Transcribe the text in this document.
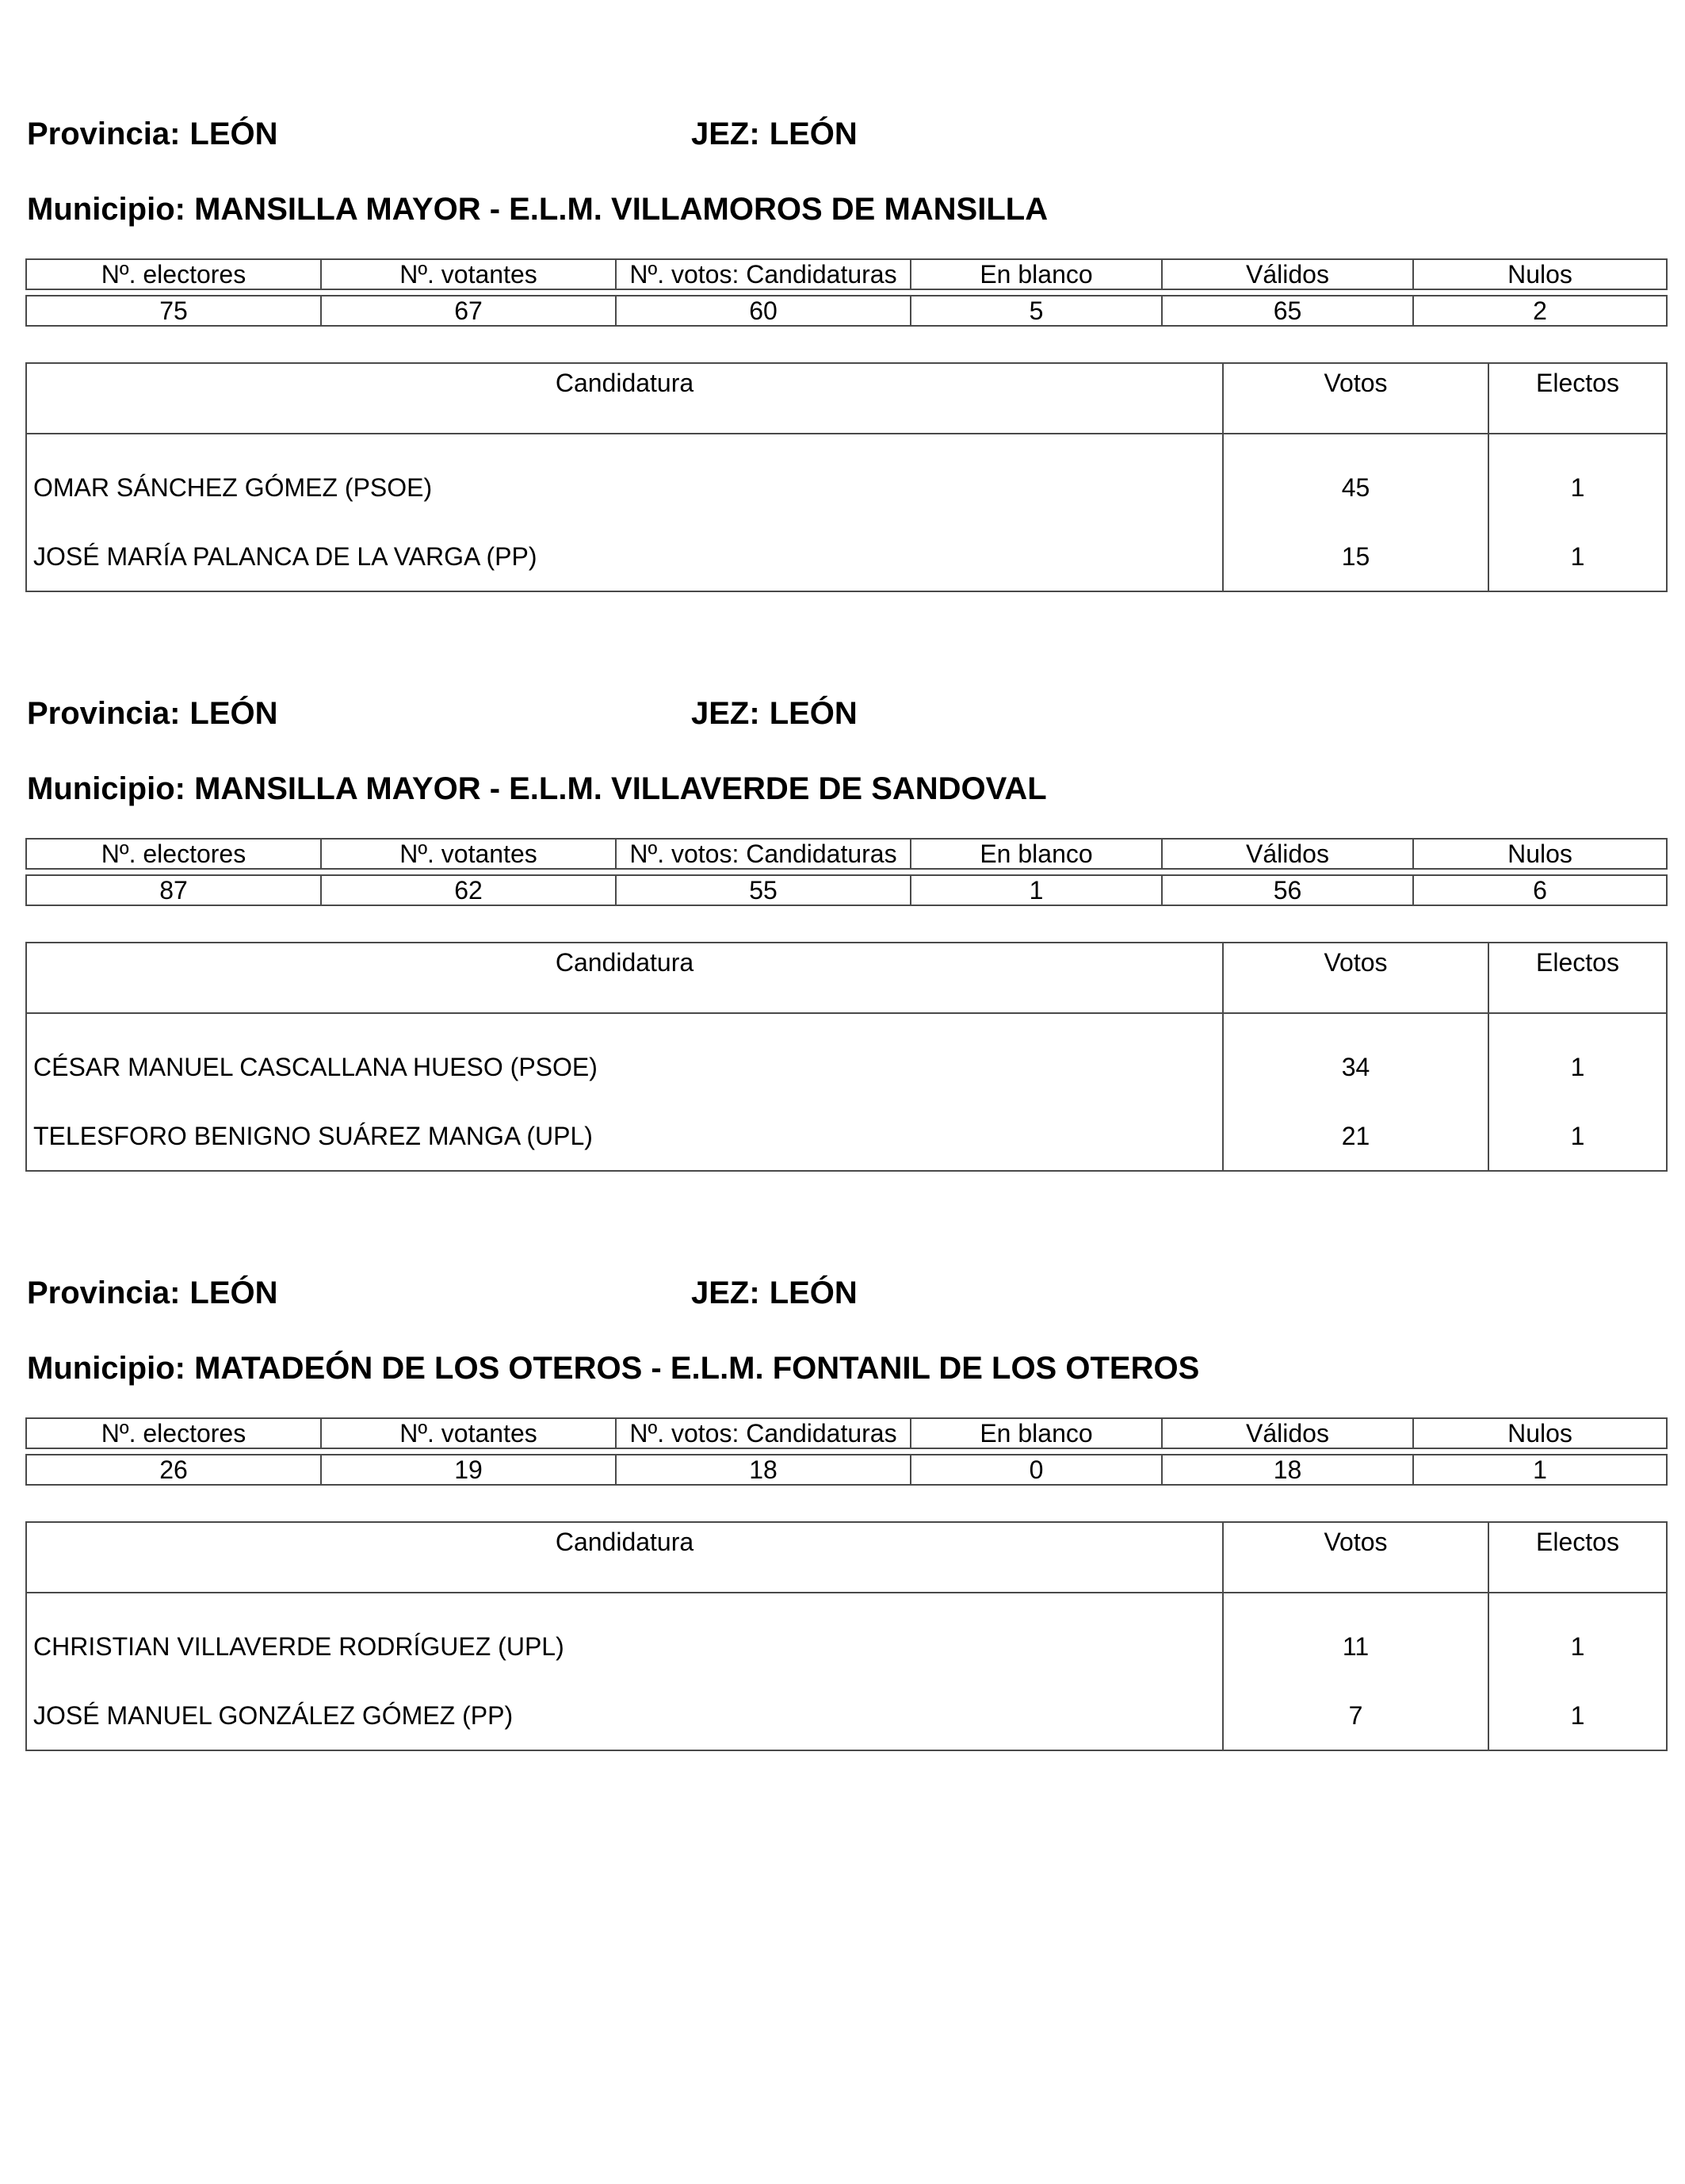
Provincia: LEÓN	JEZ: LEÓN
Municipio: MANSILLA MAYOR - E.L.M. VILLAMOROS DE MANSILLA
Nº. electores	Nº. votantes	Nº. votos: Candidaturas	En blanco	Válidos	Nulos

75	67	60	5	65	2
Candidatura	Votos	Electos
OMAR SÁNCHEZ GÓMEZ (PSOE)	45	1
JOSÉ MARÍA PALANCA DE LA VARGA (PP)	15	1
Provincia: LEÓN	JEZ: LEÓN
Municipio: MANSILLA MAYOR - E.L.M. VILLAVERDE DE SANDOVAL
Nº. electores	Nº. votantes	Nº. votos: Candidaturas	En blanco	Válidos	Nulos

87	62	55	1	56	6
Candidatura	Votos	Electos
CÉSAR MANUEL CASCALLANA HUESO (PSOE)	34	1
TELESFORO BENIGNO SUÁREZ MANGA (UPL)	21	1
Provincia: LEÓN	JEZ: LEÓN
Municipio: MATADEÓN DE LOS OTEROS - E.L.M. FONTANIL DE LOS OTEROS
Nº. electores	Nº. votantes	Nº. votos: Candidaturas	En blanco	Válidos	Nulos

26	19	18	0	18	1
Candidatura	Votos	Electos
CHRISTIAN VILLAVERDE RODRÍGUEZ (UPL)	11	1
JOSÉ MANUEL GONZÁLEZ GÓMEZ (PP)	7	1
